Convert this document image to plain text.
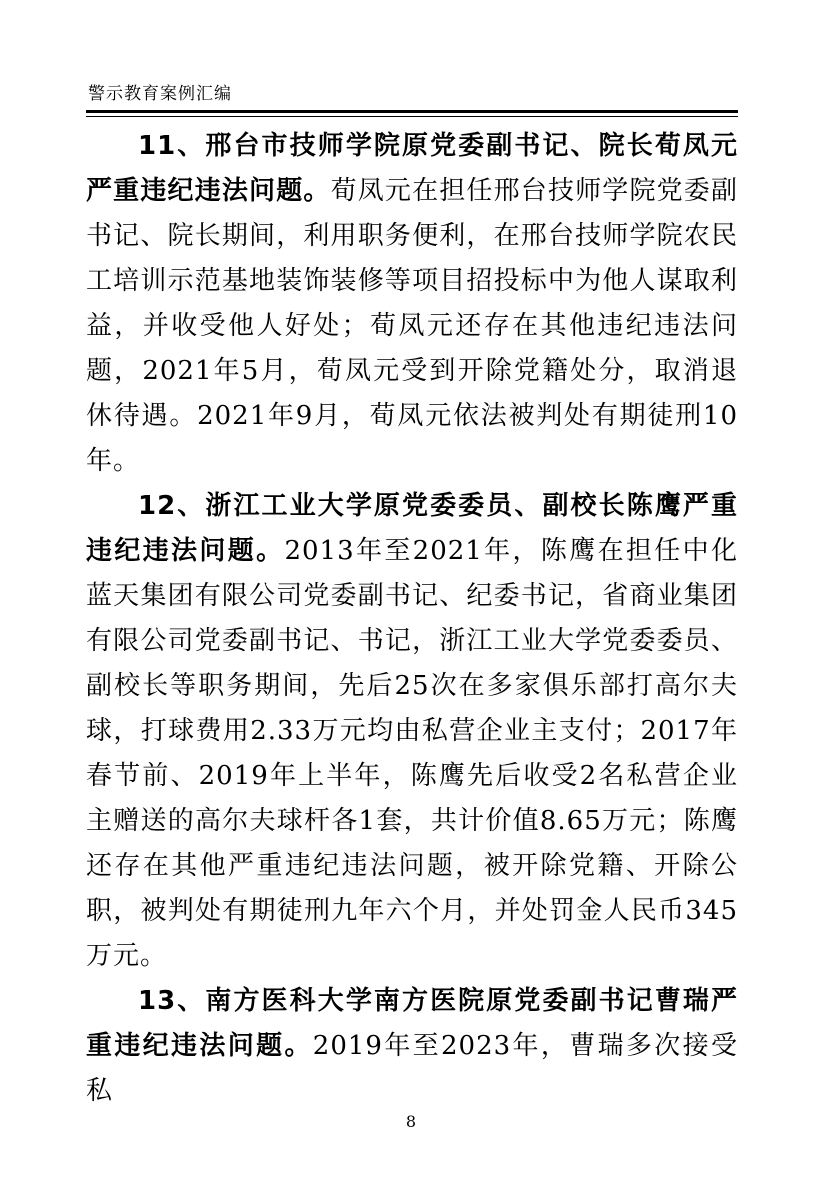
警示教育案例汇编

11、邢台市技师学院原党委副书记、院长荀凤元严重违纪违法问题。荀凤元在担任邢台技师学院党委副书记、院长期间，利用职务便利，在邢台技师学院农民工培训示范基地装饰装修等项目招投标中为他人谋取利益，并收受他人好处；荀凤元还存在其他违纪违法问题，2021年5月，荀凤元受到开除党籍处分，取消退休待遇。2021年9月，荀凤元依法被判处有期徒刑10年。

12、浙江工业大学原党委委员、副校长陈鹰严重违纪违法问题。2013年至2021年，陈鹰在担任中化蓝天集团有限公司党委副书记、纪委书记，省商业集团有限公司党委副书记、书记，浙江工业大学党委委员、副校长等职务期间，先后25次在多家俱乐部打高尔夫球，打球费用2.33万元均由私营企业主支付；2017年春节前、2019年上半年，陈鹰先后收受2名私营企业主赠送的高尔夫球杆各1套，共计价值8.65万元；陈鹰还存在其他严重违纪违法问题，被开除党籍、开除公职，被判处有期徒刑九年六个月，并处罚金人民币345万元。

13、南方医科大学南方医院原党委副书记曹瑞严重违纪违法问题。2019年至2023年，曹瑞多次接受私

8
